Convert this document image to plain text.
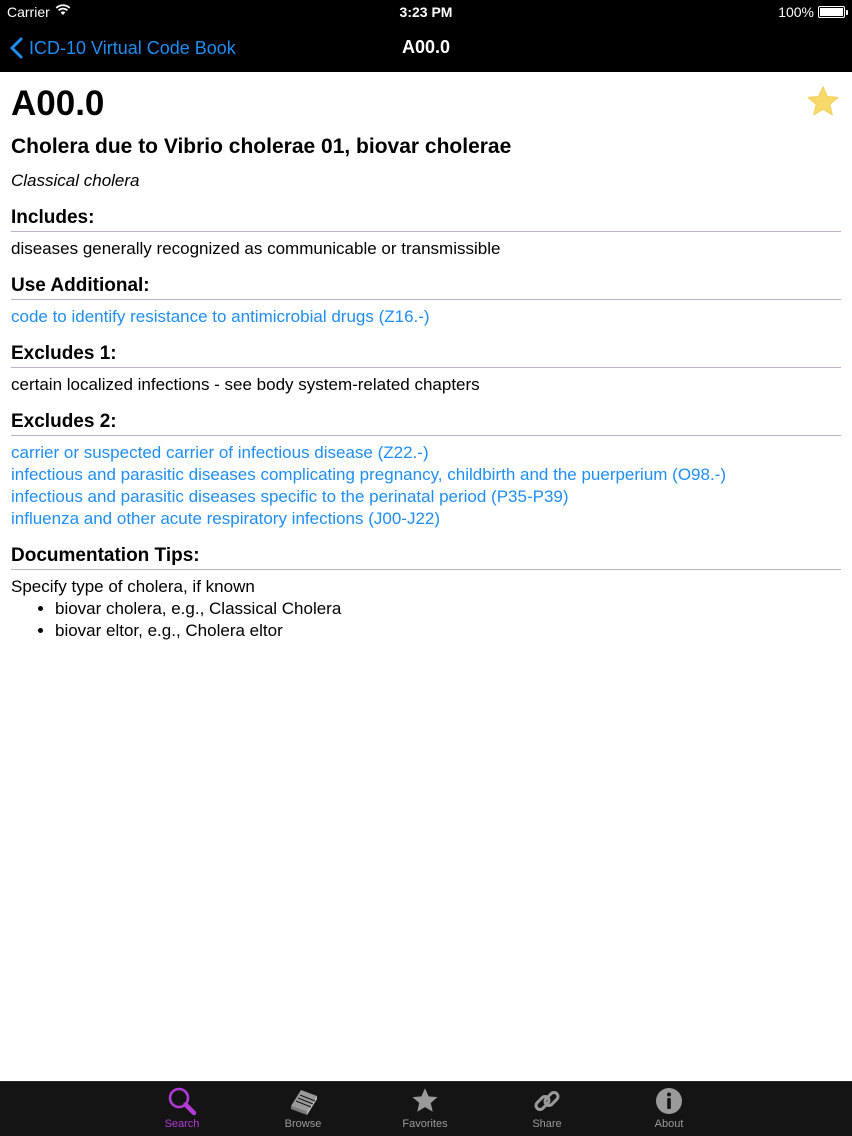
Carrier	3:23 PM	100%
ICD-10 Virtual Code Book	A00.0
A00.0
Cholera due to Vibrio cholerae 01, biovar cholerae
Classical cholera
Includes:
diseases generally recognized as communicable or transmissible
Use Additional:
code to identify resistance to antimicrobial drugs (Z16.-)
Excludes 1:
certain localized infections - see body system-related chapters
Excludes 2:
carrier or suspected carrier of infectious disease (Z22.-)
infectious and parasitic diseases complicating pregnancy, childbirth and the puerperium (O98.-)
infectious and parasitic diseases specific to the perinatal period (P35-P39)
influenza and other acute respiratory infections (J00-J22)
Documentation Tips:
Specify type of cholera, if known
• biovar cholera, e.g., Classical Cholera
• biovar eltor, e.g., Cholera eltor
Search	Browse	Favorites	Share	About
